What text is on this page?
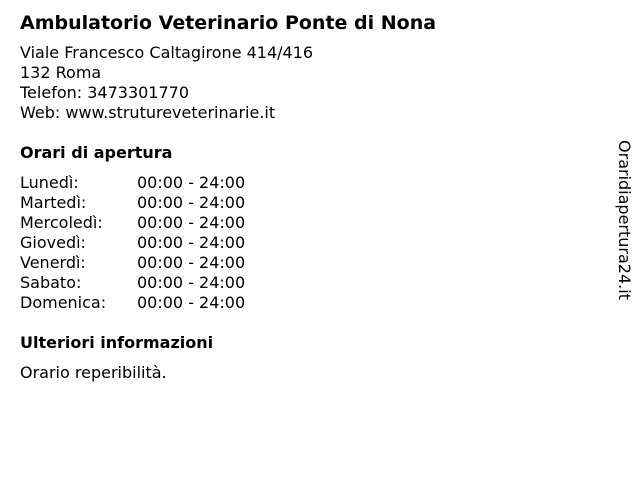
Ambulatorio Veterinario Ponte di Nona
Viale Francesco Caltagirone 414/416
132 Roma
Telefon: 3473301770
Web: www.strutureveterinarie.it
Orari di apertura
Lunedì:	00:00 - 24:00
Martedì:	00:00 - 24:00
Mercoledì:	00:00 - 24:00
Giovedì:	00:00 - 24:00
Venerdì:	00:00 - 24:00
Sabato:	00:00 - 24:00
Domenica:	00:00 - 24:00
Ulteriori informazioni
Orario reperibilità.
Oraridiapertura24.it
